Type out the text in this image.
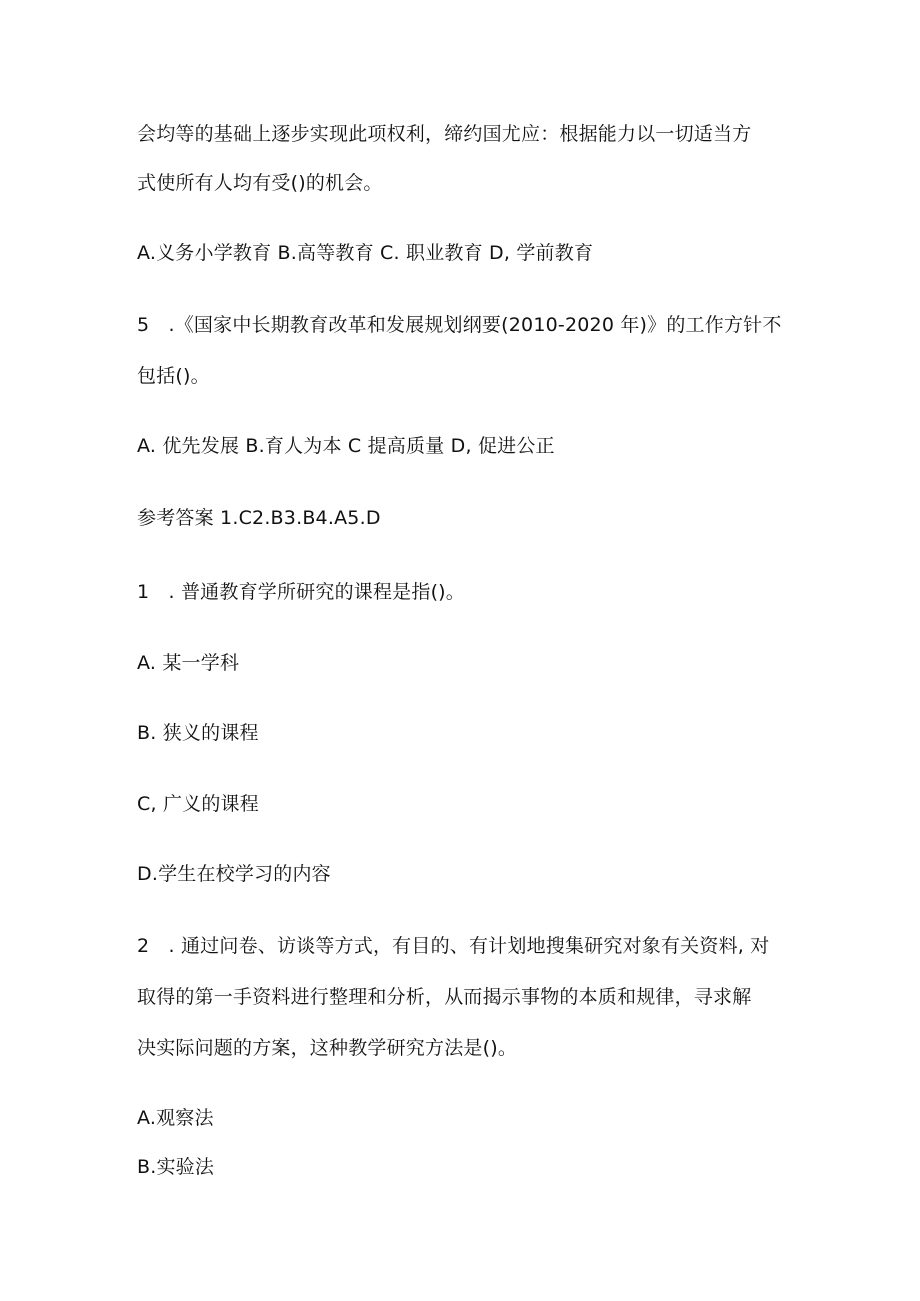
会均等的基础上逐步实现此项权利，缔约国尤应：根据能力以一切适当方
式使所有人均有受()的机会。
A.义务小学教育 B.高等教育 C. 职业教育 D, 学前教育
5　.《国家中长期教育改革和发展规划纲要(2010-2020 年)》的工作方针不
包括()。
A. 优先发展 B.育人为本 C 提高质量 D, 促进公正
参考答案 1.C2.B3.B4.A5.D
1　. 普通教育学所研究的课程是指()。
A. 某一学科
B. 狭义的课程
C, 广义的课程
D.学生在校学习的内容
2　. 通过问卷、访谈等方式，有目的、有计划地搜集研究对象有关资料, 对
取得的第一手资料进行整理和分析，从而揭示事物的本质和规律，寻求解
决实际问题的方案，这种教学研究方法是()。
A.观察法
B.实验法
